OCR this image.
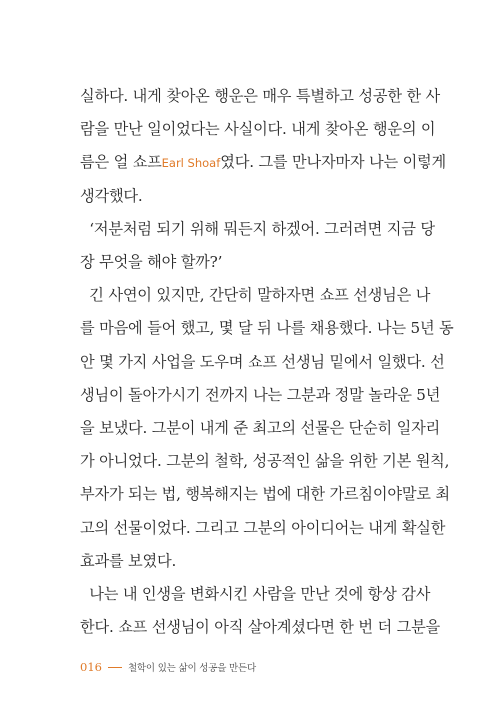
실하다. 내게 찾아온 행운은 매우 특별하고 성공한 한 사
람을 만난 일이었다는 사실이다. 내게 찾아온 행운의 이
름은 얼 쇼프Earl Shoaf였다. 그를 만나자마자 나는 이렇게
생각했다.
‘저분처럼 되기 위해 뭐든지 하겠어. 그러려면 지금 당
장 무엇을 해야 할까?’
긴 사연이 있지만, 간단히 말하자면 쇼프 선생님은 나
를 마음에 들어 했고, 몇 달 뒤 나를 채용했다. 나는 5년 동
안 몇 가지 사업을 도우며 쇼프 선생님 밑에서 일했다. 선
생님이 돌아가시기 전까지 나는 그분과 정말 놀라운 5년
을 보냈다. 그분이 내게 준 최고의 선물은 단순히 일자리
가 아니었다. 그분의 철학, 성공적인 삶을 위한 기본 원칙,
부자가 되는 법, 행복해지는 법에 대한 가르침이야말로 최
고의 선물이었다. 그리고 그분의 아이디어는 내게 확실한
효과를 보였다.
나는 내 인생을 변화시킨 사람을 만난 것에 항상 감사
016	철학이 있는 삶이 성공을 만든다
한다. 쇼프 선생님이 아직 살아계셨다면 한 번 더 그분을
